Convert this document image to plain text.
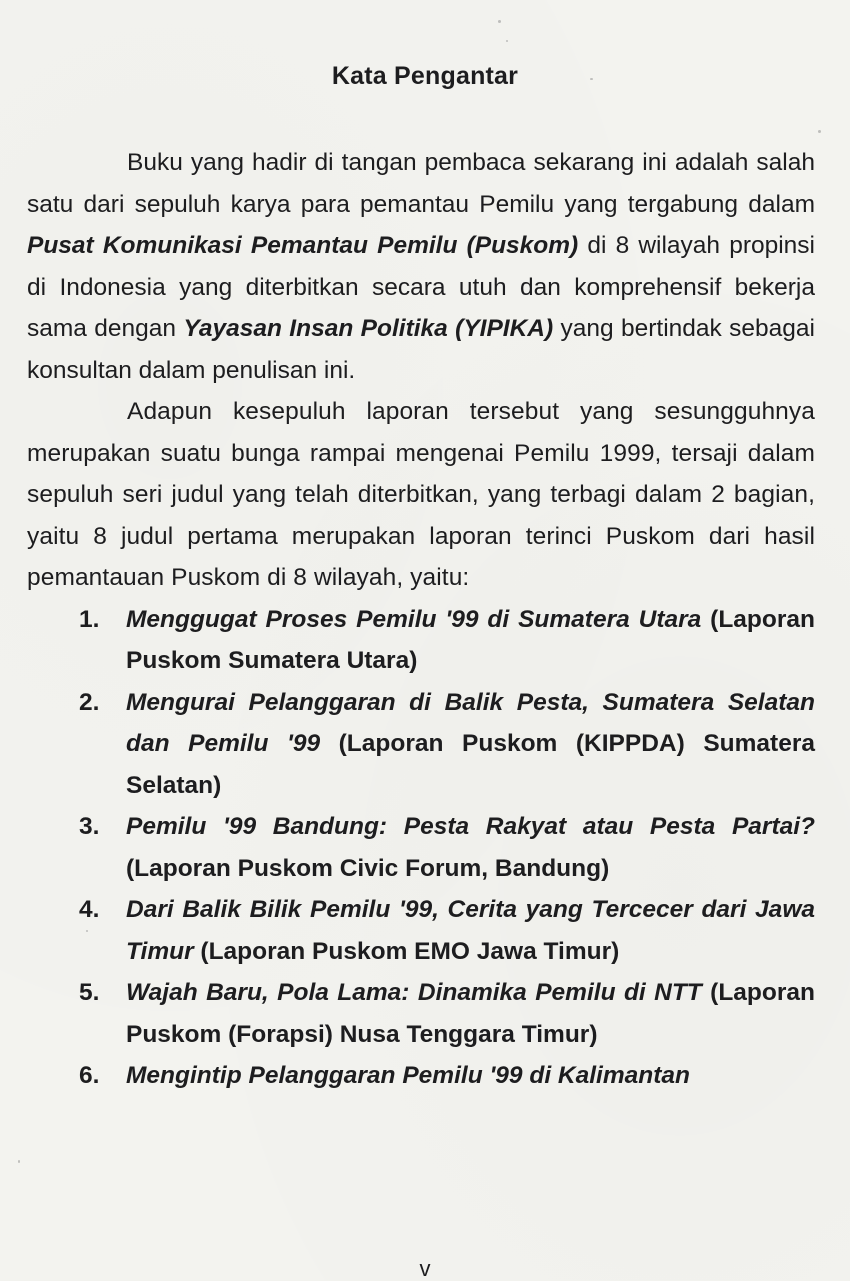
Kata Pengantar

Buku yang hadir di tangan pembaca sekarang ini adalah salah satu dari sepuluh karya para pemantau Pemilu yang tergabung dalam Pusat Komunikasi Pemantau Pemilu (Puskom) di 8 wilayah propinsi di Indonesia yang diterbitkan secara utuh dan komprehensif bekerja sama dengan Yayasan Insan Politika (YIPIKA) yang bertindak sebagai konsultan dalam penulisan ini.

Adapun kesepuluh laporan tersebut yang sesungguhnya merupakan suatu bunga rampai mengenai Pemilu 1999, tersaji dalam sepuluh seri judul yang telah diterbitkan, yang terbagi dalam 2 bagian, yaitu 8 judul pertama merupakan laporan terinci Puskom dari hasil pemantauan Puskom di 8 wilayah, yaitu:

1. Menggugat Proses Pemilu '99 di Sumatera Utara (Laporan Puskom Sumatera Utara)
2. Mengurai Pelanggaran di Balik Pesta, Sumatera Selatan dan Pemilu '99 (Laporan Puskom (KIPPDA) Sumatera Selatan)
3. Pemilu '99 Bandung: Pesta Rakyat atau Pesta Partai? (Laporan Puskom Civic Forum, Bandung)
4. Dari Balik Bilik Pemilu '99, Cerita yang Tercecer dari Jawa Timur (Laporan Puskom EMO Jawa Timur)
5. Wajah Baru, Pola Lama: Dinamika Pemilu di NTT (Laporan Puskom (Forapsi) Nusa Tenggara Timur)
6. Mengintip Pelanggaran Pemilu '99 di Kalimantan
v
